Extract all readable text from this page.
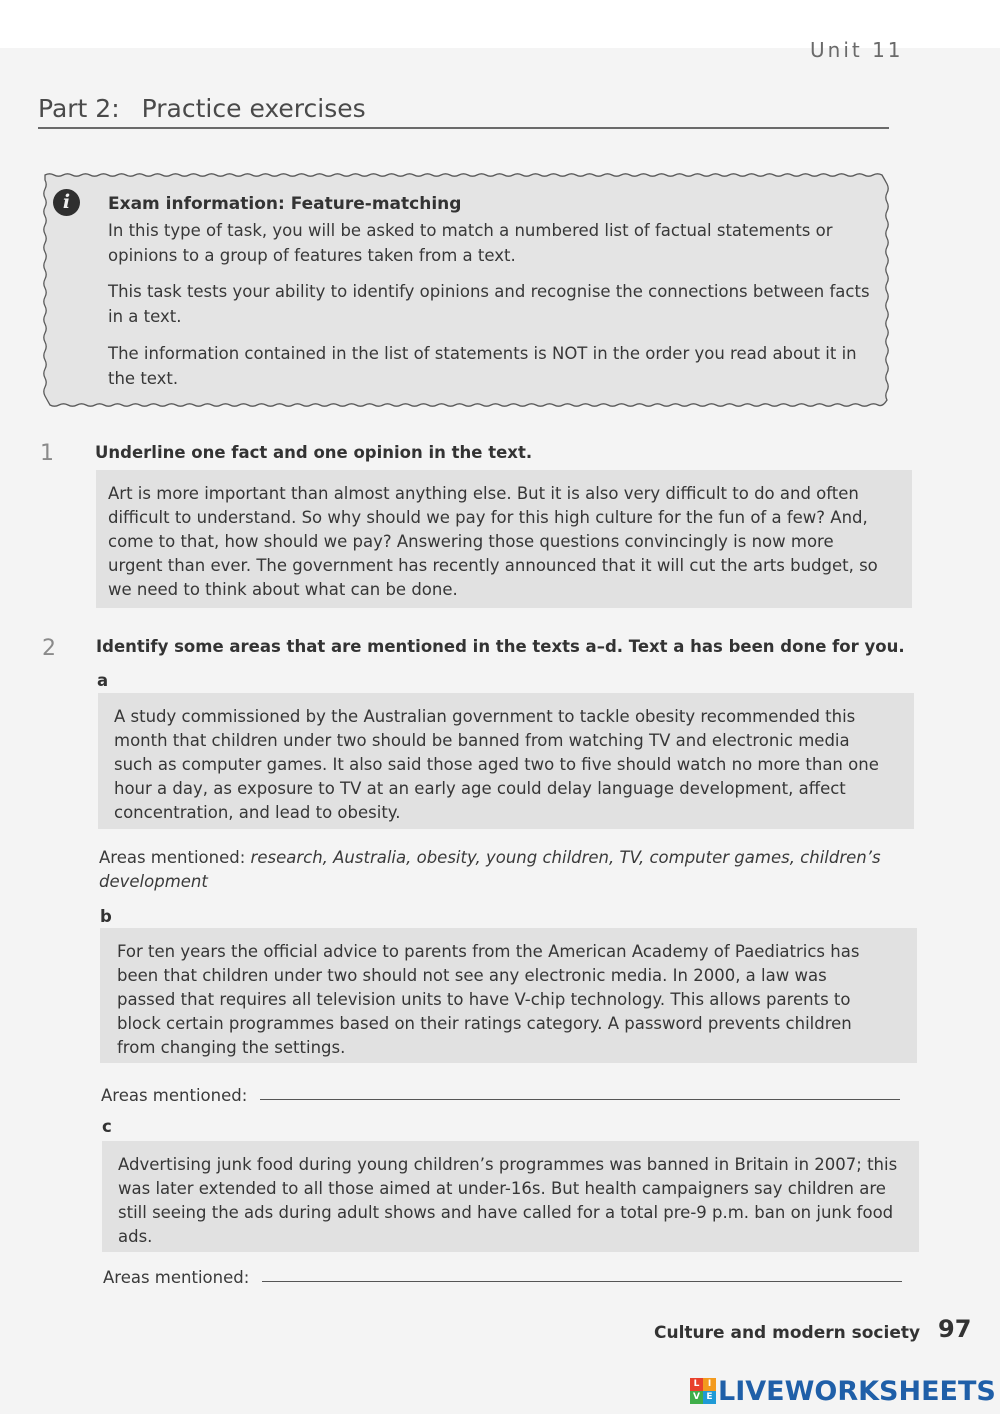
Unit 11
Part 2: Practice exercises
i	Exam information: Feature-matching

In this type of task, you will be asked to match a numbered list of factual statements or opinions to a group of features taken from a text.

This task tests your ability to identify opinions and recognise the connections between facts in a text.

The information contained in the list of statements is NOT in the order you read about it in the text.

1 Underline one fact and one opinion in the text.

Art is more important than almost anything else. But it is also very difficult to do and often difficult to understand. So why should we pay for this high culture for the fun of a few? And, come to that, how should we pay? Answering those questions convincingly is now more urgent than ever. The government has recently announced that it will cut the arts budget, so we need to think about what can be done.

2 Identify some areas that are mentioned in the texts a–d. Text a has been done for you.
a

A study commissioned by the Australian government to tackle obesity recommended this month that children under two should be banned from watching TV and electronic media such as computer games. It also said those aged two to five should watch no more than one hour a day, as exposure to TV at an early age could delay language development, affect concentration, and lead to obesity.

Areas mentioned: research, Australia, obesity, young children, TV, computer games, children’s development
b

For ten years the official advice to parents from the American Academy of Paediatrics has been that children under two should not see any electronic media. In 2000, a law was passed that requires all television units to have V-chip technology. This allows parents to block certain programmes based on their ratings category. A password prevents children from changing the settings.

Areas mentioned:
c

Advertising junk food during young children’s programmes was banned in Britain in 2007; this was later extended to all those aimed at under-16s. But health campaigners say children are still seeing the ads during adult shows and have called for a total pre-9 p.m. ban on junk food ads.

Areas mentioned:
Culture and modern society 97
L I
V E LIVEWORKSHEETS
